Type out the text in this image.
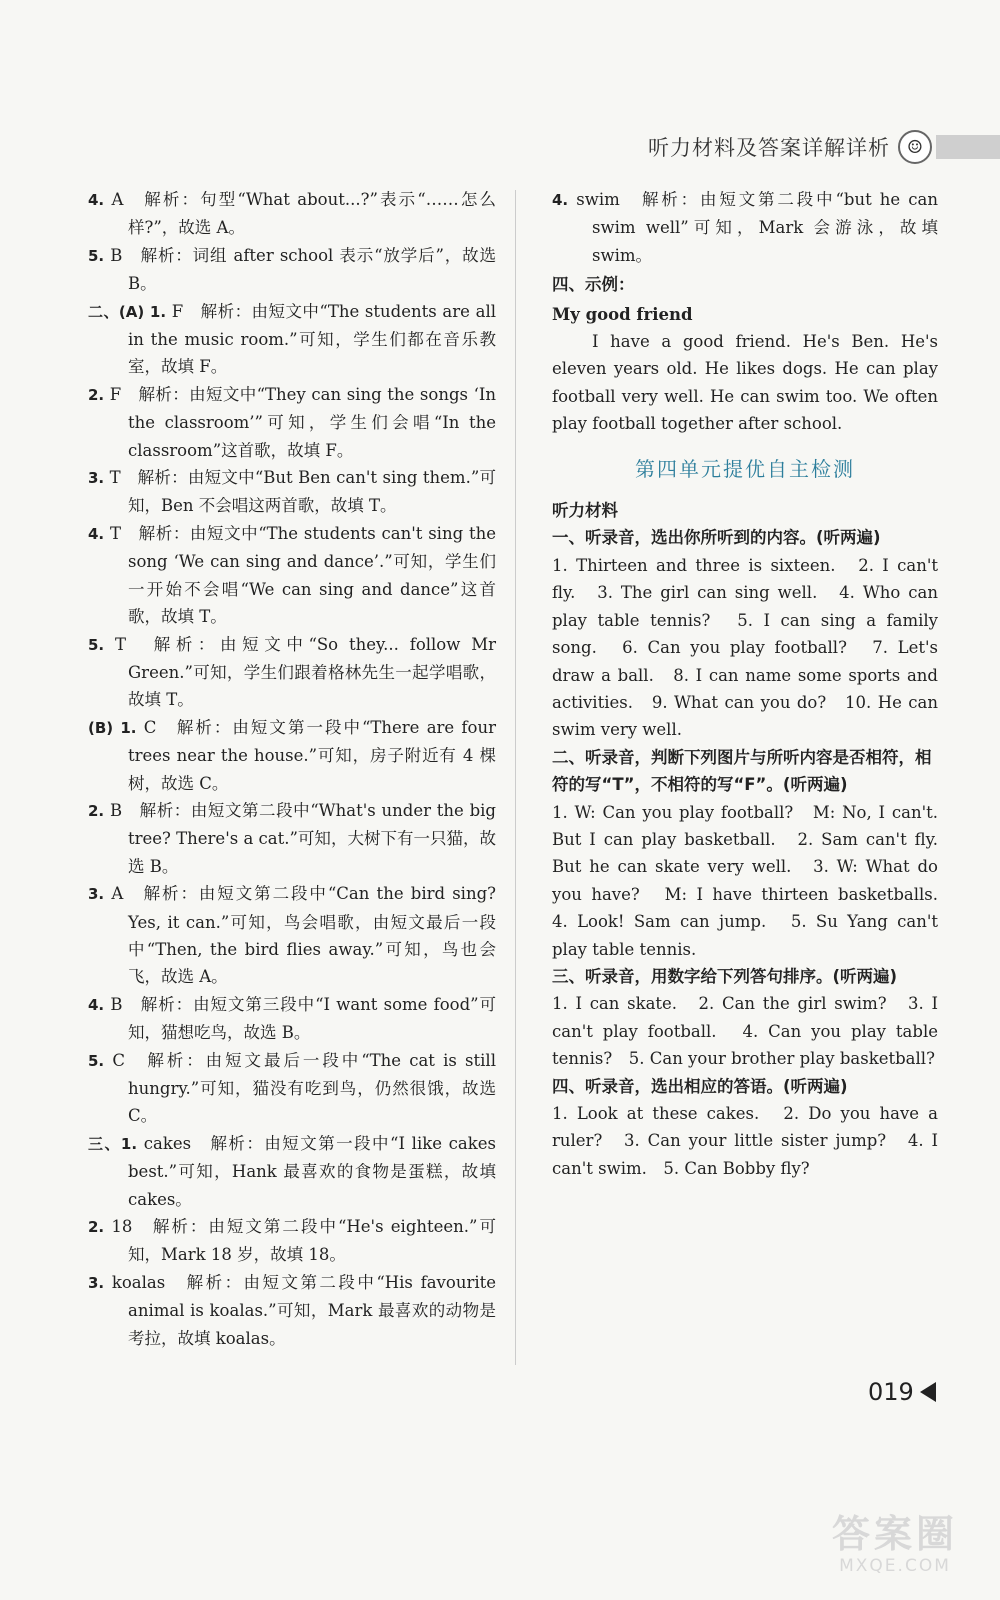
听力材料及答案详解详析 ☺

4. A　解析：句型“What about...?”表示“……怎么样?”，故选 A。

5. B　解析：词组 after school 表示“放学后”，故选 B。

二、(A) 1. F　解析：由短文中“The students are all in the music room.”可知，学生们都在音乐教室，故填 F。

2. F　解析：由短文中“They can sing the songs ‘In the classroom’”可知，学生们会唱“In the classroom”这首歌，故填 F。

3. T　解析：由短文中“But Ben can't sing them.”可知，Ben 不会唱这两首歌，故填 T。

4. T　解析：由短文中“The students can't sing the song ‘We can sing and dance’.”可知，学生们一开始不会唱“We can sing and dance”这首歌，故填 T。

5. T　解析：由短文中“So they... follow Mr Green.”可知，学生们跟着格林先生一起学唱歌，故填 T。

(B) 1. C　解析：由短文第一段中“There are four trees near the house.”可知，房子附近有 4 棵树，故选 C。

2. B　解析：由短文第二段中“What's under the big tree? There's a cat.”可知，大树下有一只猫，故选 B。

3. A　解析：由短文第二段中“Can the bird sing? Yes, it can.”可知，鸟会唱歌，由短文最后一段中“Then, the bird flies away.”可知，鸟也会飞，故选 A。

4. B　解析：由短文第三段中“I want some food”可知，猫想吃鸟，故选 B。

5. C　解析：由短文最后一段中“The cat is still hungry.”可知，猫没有吃到鸟，仍然很饿，故选 C。

三、1. cakes　解析：由短文第一段中“I like cakes best.”可知，Hank 最喜欢的食物是蛋糕，故填 cakes。

2. 18　解析：由短文第二段中“He's eighteen.”可知，Mark 18 岁，故填 18。

3. koalas　解析：由短文第二段中“His favourite animal is koalas.”可知，Mark 最喜欢的动物是考拉，故填 koalas。

4. swim　解析：由短文第二段中“but he can swim well”可知，Mark 会游泳，故填 swim。

四、示例：

My good friend

I have a good friend. He's Ben. He's eleven years old. He likes dogs. He can play football very well. He can swim too. We often play football together after school.

第四单元提优自主检测

听力材料

一、听录音，选出你所听到的内容。(听两遍)

1. Thirteen and three is sixteen.　2. I can't fly.　3. The girl can sing well.　4. Who can play table tennis?　5. I can sing a family song.　6. Can you play football?　7. Let's draw a ball.　8. I can name some sports and activities.　9. What can you do?　10. He can swim very well.

二、听录音，判断下列图片与所听内容是否相符，相符的写“T”，不相符的写“F”。(听两遍)

1. W: Can you play football?　M: No, I can't. But I can play basketball.　2. Sam can't fly. But he can skate very well.　3. W: What do you have?　M: I have thirteen basketballs.　4. Look! Sam can jump.　5. Su Yang can't play table tennis.

三、听录音，用数字给下列答句排序。(听两遍)

1. I can skate.　2. Can the girl swim?　3. I can't play football.　4. Can you play table tennis?　5. Can your brother play basketball?

四、听录音，选出相应的答语。(听两遍)

1. Look at these cakes.　2. Do you have a ruler?　3. Can your little sister jump?　4. I can't swim.　5. Can Bobby fly?

019
答案圈
MXQE.COM
